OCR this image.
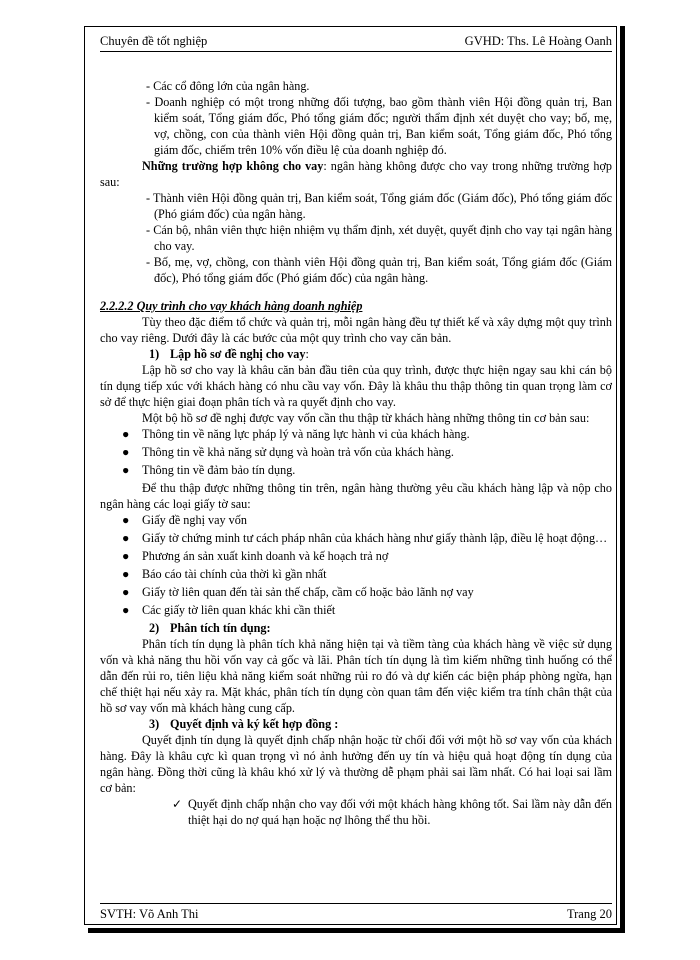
Chuyên đề tốt nghiệp	GVHD: Ths. Lê Hoàng Oanh

- Các cổ đông lớn của ngân hàng.

- Doanh nghiệp có một trong những đối tượng, bao gồm thành viên Hội đồng quản trị, Ban kiểm soát, Tổng giám đốc, Phó tổng giám đốc; người thẩm định xét duyệt cho vay; bố, mẹ, vợ, chồng, con của thành viên Hội đồng quản trị, Ban kiểm soát, Tổng giám đốc, Phó tổng giám đốc, chiếm trên 10% vốn điều lệ của doanh nghiệp đó.

Những trường hợp không cho vay: ngân hàng không được cho vay trong những trường hợp sau:

- Thành viên Hội đồng quản trị, Ban kiểm soát, Tổng giám đốc (Giám đốc), Phó tổng giám đốc (Phó giám đốc) của ngân hàng.

- Cán bộ, nhân viên thực hiện nhiệm vụ thẩm định, xét duyệt, quyết định cho vay tại ngân hàng cho vay.

- Bố, mẹ, vợ, chồng, con thành viên Hội đồng quản trị, Ban kiểm soát, Tổng giám đốc (Giám đốc), Phó tổng giám đốc (Phó giám đốc) của ngân hàng.

2.2.2.2 Quy trình cho vay khách hàng doanh nghiệp

Tùy theo đặc điểm tổ chức và quản trị, mỗi ngân hàng đều tự thiết kế và xây dựng một quy trình cho vay riêng. Dưới đây là các bước của một quy trình cho vay căn bản.

1) Lập hồ sơ đề nghị cho vay:

Lập hồ sơ cho vay là khâu căn bản đầu tiên của quy trình, được thực hiện ngay sau khi cán bộ tín dụng tiếp xúc với khách hàng có nhu cầu vay vốn. Đây là khâu thu thập thông tin quan trọng làm cơ sở để thực hiện giai đoạn phân tích và ra quyết định cho vay.

Một bộ hồ sơ đề nghị được vay vốn cần thu thập từ khách hàng những thông tin cơ bản sau:

● Thông tin về năng lực pháp lý và năng lực hành vi của khách hàng.
● Thông tin về khả năng sử dụng và hoàn trả vốn của khách hàng.
● Thông tin về đảm bảo tín dụng.

Để thu thập được những thông tin trên, ngân hàng thường yêu cầu khách hàng lập và nộp cho ngân hàng các loại giấy tờ sau:

● Giấy đề nghị vay vốn
● Giấy tờ chứng minh tư cách pháp nhân của khách hàng như giấy thành lập, điều lệ hoạt động…
● Phương án sản xuất kinh doanh và kế hoạch trả nợ
● Báo cáo tài chính của thời kì gần nhất
● Giấy tờ liên quan đến tài sản thế chấp, cầm cố hoặc bảo lãnh nợ vay
● Các giấy tờ liên quan khác khi cần thiết
2) Phân tích tín dụng:

Phân tích tín dụng là phân tích khả năng hiện tại và tiềm tàng của khách hàng về việc sử dụng vốn và khả năng thu hồi vốn vay cả gốc và lãi. Phân tích tín dụng là tìm kiếm những tình huống có thể dẫn đến rủi ro, tiên liệu khả năng kiểm soát những rủi ro đó và dự kiến các biện pháp phòng ngừa, hạn chế thiệt hại nếu xảy ra. Mặt khác, phân tích tín dụng còn quan tâm đến việc kiểm tra tính chân thật của hồ sơ vay vốn mà khách hàng cung cấp.

3) Quyết định và ký kết hợp đồng :

Quyết định tín dụng là quyết định chấp nhận hoặc từ chối đối với một hồ sơ vay vốn của khách hàng. Đây là khâu cực kì quan trọng vì nó ảnh hưởng đến uy tín và hiệu quả hoạt động tín dụng của ngân hàng. Đồng thời cũng là khâu khó xử lý và thường dễ phạm phải sai lầm nhất. Có hai loại sai lầm cơ bản:

✓ Quyết định chấp nhận cho vay đối với một khách hàng không tốt. Sai lầm này dẫn đến thiệt hại do nợ quá hạn hoặc nợ lhông thể thu hồi.

SVTH: Võ Anh Thi	Trang 20
